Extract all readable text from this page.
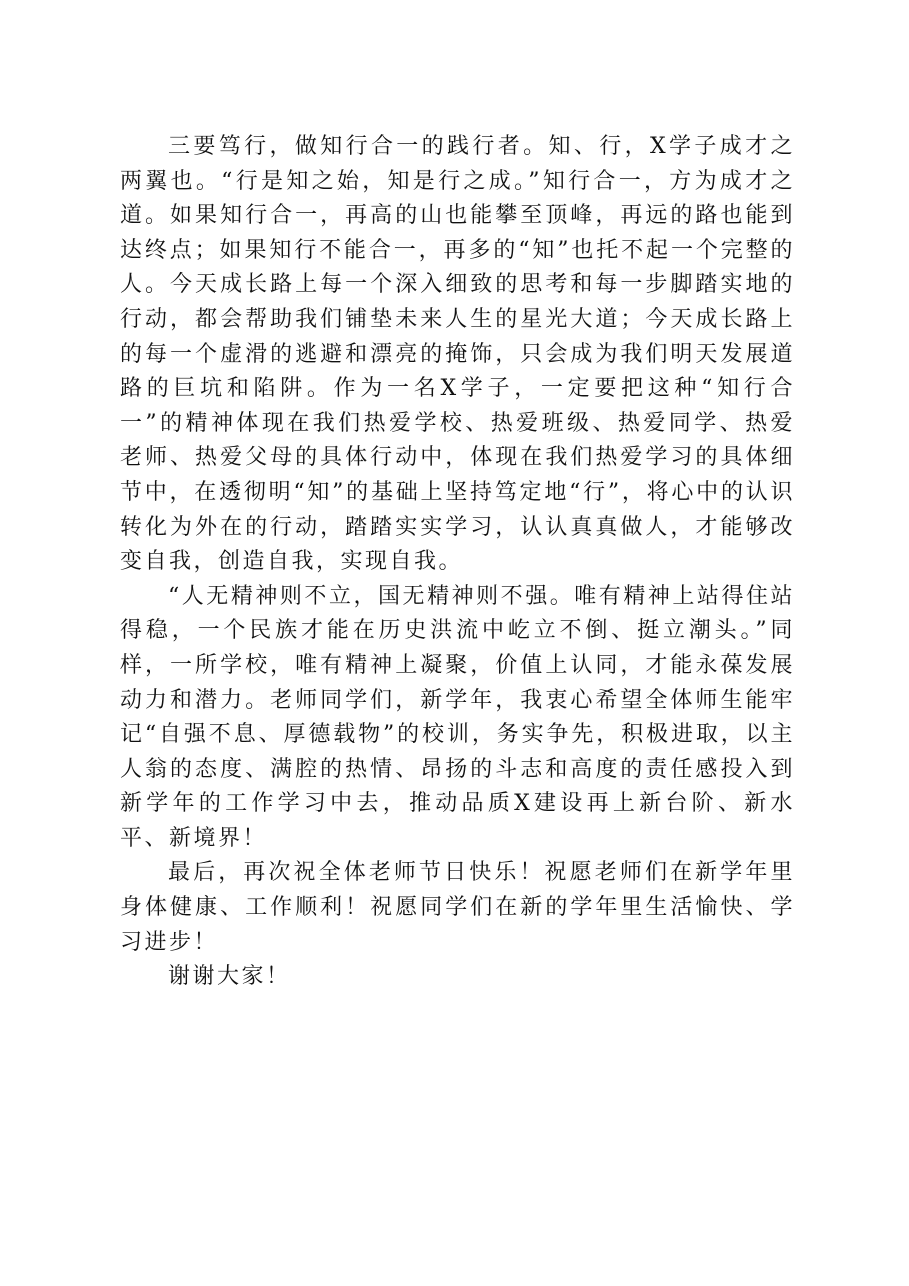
三要笃行，做知行合一的践行者。知、行，X学子成才之两翼也。“行是知之始，知是行之成。”知行合一，方为成才之道。如果知行合一，再高的山也能攀至顶峰，再远的路也能到达终点；如果知行不能合一，再多的“知”也托不起一个完整的人。今天成长路上每一个深入细致的思考和每一步脚踏实地的行动，都会帮助我们铺垫未来人生的星光大道；今天成长路上的每一个虚滑的逃避和漂亮的掩饰，只会成为我们明天发展道路的巨坑和陷阱。作为一名X学子，一定要把这种“知行合一”的精神体现在我们热爱学校、热爱班级、热爱同学、热爱老师、热爱父母的具体行动中，体现在我们热爱学习的具体细节中，在透彻明“知”的基础上坚持笃定地“行”，将心中的认识转化为外在的行动，踏踏实实学习，认认真真做人，才能够改变自我，创造自我，实现自我。

“人无精神则不立，国无精神则不强。唯有精神上站得住站得稳，一个民族才能在历史洪流中屹立不倒、挺立潮头。”同样，一所学校，唯有精神上凝聚，价值上认同，才能永葆发展动力和潜力。老师同学们，新学年，我衷心希望全体师生能牢记“自强不息、厚德载物”的校训，务实争先，积极进取，以主人翁的态度、满腔的热情、昂扬的斗志和高度的责任感投入到新学年的工作学习中去，推动品质X建设再上新台阶、新水平、新境界！

最后，再次祝全体老师节日快乐！祝愿老师们在新学年里身体健康、工作顺利！祝愿同学们在新的学年里生活愉快、学习进步！

谢谢大家！
